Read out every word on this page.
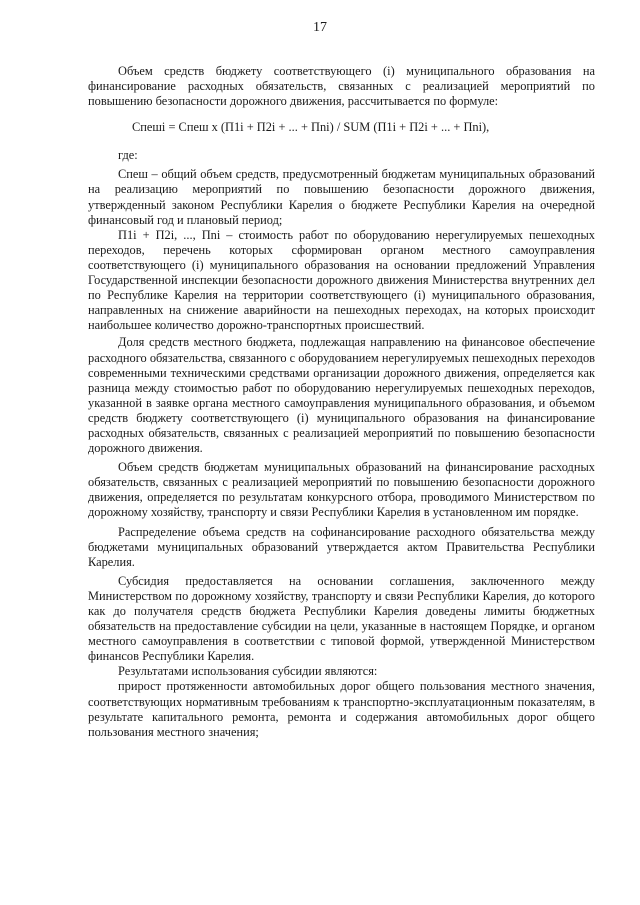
17

Объем средств бюджету соответствующего (i) муниципального образования на финансирование расходных обязательств, связанных с реализацией мероприятий по повышению безопасности дорожного движения, рассчитывается по формуле:

Спешi = Спеш x (П1i + П2i + ... + Пni) / SUM (П1i + П2i + ... + Пni),

где:

Спеш – общий объем средств, предусмотренный бюджетам муниципальных образований на реализацию мероприятий по повышению безопасности дорожного движения, утвержденный законом Республики Карелия о бюджете Республики Карелия на очередной финансовый год и плановый период;

П1i + П2i, ..., Пni – стоимость работ по оборудованию нерегулируемых пешеходных переходов, перечень которых сформирован органом местного самоуправления соответствующего (i) муниципального образования на основании предложений Управления Государственной инспекции безопасности дорожного движения Министерства внутренних дел по Республике Карелия на территории соответствующего (i) муниципального образования, направленных на снижение аварийности на пешеходных переходах, на которых происходит наибольшее количество дорожно-транспортных происшествий.

Доля средств местного бюджета, подлежащая направлению на финансовое обеспечение расходного обязательства, связанного с оборудованием нерегулируемых пешеходных переходов современными техническими средствами организации дорожного движения, определяется как разница между стоимостью работ по оборудованию нерегулируемых пешеходных переходов, указанной в заявке органа местного самоуправления муниципального образования, и объемом средств бюджету соответствующего (i) муниципального образования на финансирование расходных обязательств, связанных с реализацией мероприятий по повышению безопасности дорожного движения.

Объем средств бюджетам муниципальных образований на финансирование расходных обязательств, связанных с реализацией мероприятий по повышению безопасности дорожного движения, определяется по результатам конкурсного отбора, проводимого Министерством по дорожному хозяйству, транспорту и связи Республики Карелия в установленном им порядке.

Распределение объема средств на софинансирование расходного обязательства между бюджетами муниципальных образований утверждается актом Правительства Республики Карелия.

Субсидия предоставляется на основании соглашения, заключенного между Министерством по дорожному хозяйству, транспорту и связи Республики Карелия, до которого как до получателя средств бюджета Республики Карелия доведены лимиты бюджетных обязательств на предоставление субсидии на цели, указанные в настоящем Порядке, и органом местного самоуправления в соответствии с типовой формой, утвержденной Министерством финансов Республики Карелия.

Результатами использования субсидии являются:

прирост протяженности автомобильных дорог общего пользования местного значения, соответствующих нормативным требованиям к транспортно-эксплуатационным показателям, в результате капитального ремонта, ремонта и содержания автомобильных дорог общего пользования местного значения;
